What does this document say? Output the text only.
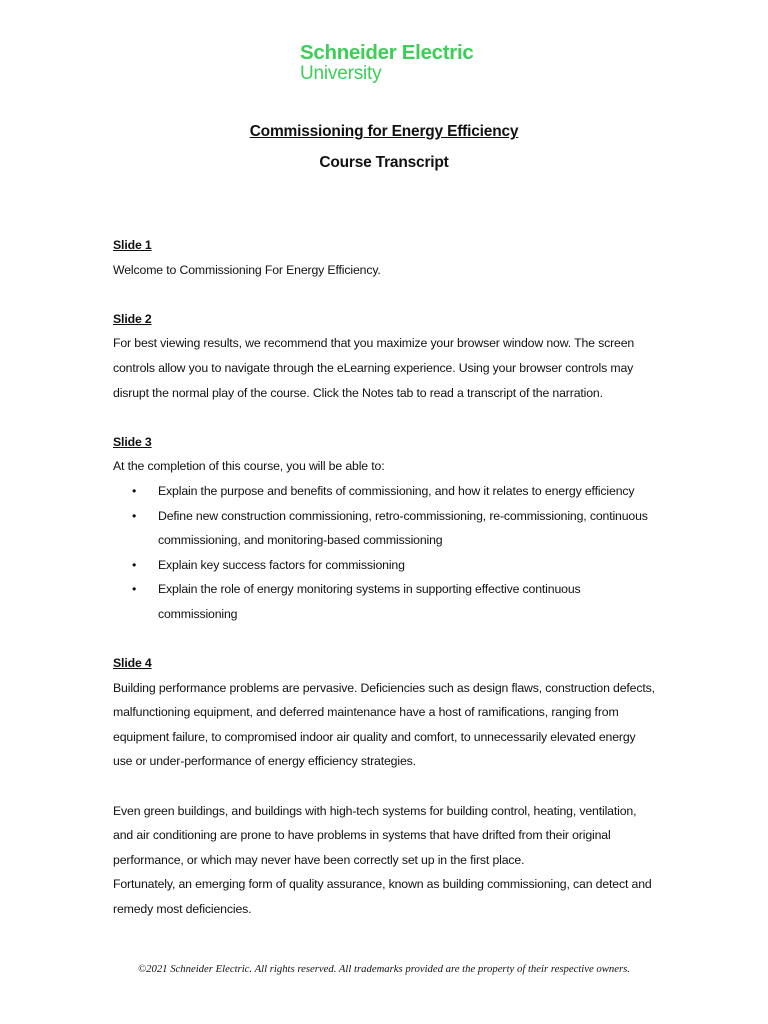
Schneider Electric
University
Commissioning for Energy Efficiency
Course Transcript

Slide 1

Welcome to Commissioning For Energy Efficiency.

Slide 2

For best viewing results, we recommend that you maximize your browser window now. The screen controls allow you to navigate through the eLearning experience. Using your browser controls may disrupt the normal play of the course. Click the Notes tab to read a transcript of the narration.

Slide 3

At the completion of this course, you will be able to:

• Explain the purpose and benefits of commissioning, and how it relates to energy efficiency
• Define new construction commissioning, retro-commissioning, re-commissioning, continuous commissioning, and monitoring-based commissioning
• Explain key success factors for commissioning
• Explain the role of energy monitoring systems in supporting effective continuous commissioning

Slide 4

Building performance problems are pervasive. Deficiencies such as design flaws, construction defects, malfunctioning equipment, and deferred maintenance have a host of ramifications, ranging from equipment failure, to compromised indoor air quality and comfort, to unnecessarily elevated energy use or under-performance of energy efficiency strategies.

Even green buildings, and buildings with high-tech systems for building control, heating, ventilation, and air conditioning are prone to have problems in systems that have drifted from their original performance, or which may never have been correctly set up in the first place.

Fortunately, an emerging form of quality assurance, known as building commissioning, can detect and remedy most deficiencies.

©2021 Schneider Electric. All rights reserved. All trademarks provided are the property of their respective owners.
